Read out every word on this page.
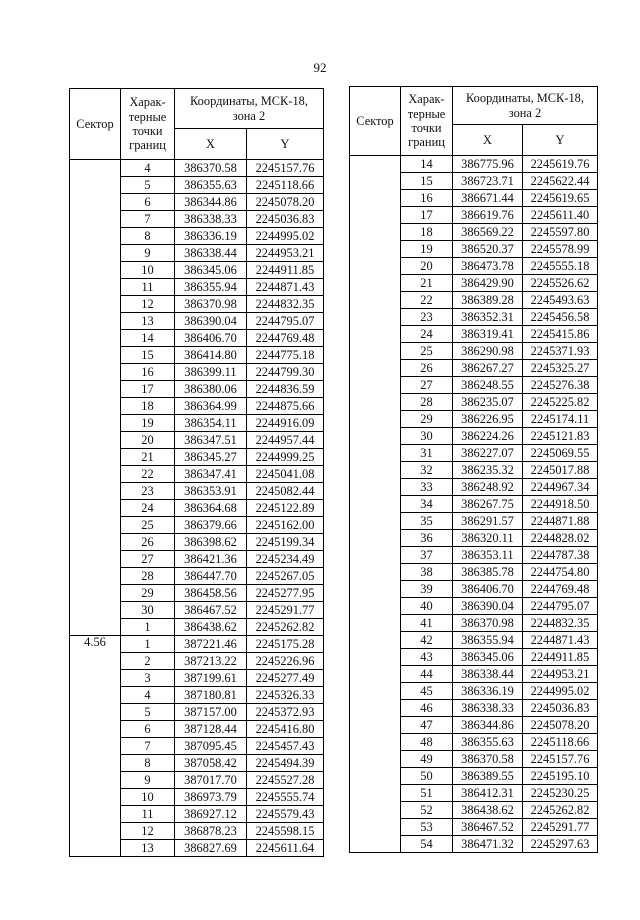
92
Сектор	Харак-терные точки границ	Координаты, МСК-18, зона 2	
		X	Y
	4	386370.58	2245157.76
	5	386355.63	2245118.66
	6	386344.86	2245078.20
	7	386338.33	2245036.83
	8	386336.19	2244995.02
	9	386338.44	2244953.21
	10	386345.06	2244911.85
	11	386355.94	2244871.43
	12	386370.98	2244832.35
	13	386390.04	2244795.07
	14	386406.70	2244769.48
	15	386414.80	2244775.18
	16	386399.11	2244799.30
	17	386380.06	2244836.59
	18	386364.99	2244875.66
	19	386354.11	2244916.09
	20	386347.51	2244957.44
	21	386345.27	2244999.25
	22	386347.41	2245041.08
	23	386353.91	2245082.44
	24	386364.68	2245122.89
	25	386379.66	2245162.00
	26	386398.62	2245199.34
	27	386421.36	2245234.49
	28	386447.70	2245267.05
	29	386458.56	2245277.95
	30	386467.52	2245291.77
	1	386438.62	2245262.82
4.56	1	387221.46	2245175.28
	2	387213.22	2245226.96
	3	387199.61	2245277.49
	4	387180.81	2245326.33
	5	387157.00	2245372.93
	6	387128.44	2245416.80
	7	387095.45	2245457.43
	8	387058.42	2245494.39
	9	387017.70	2245527.28
	10	386973.79	2245555.74
	11	386927.12	2245579.43
	12	386878.23	2245598.15
	13	386827.69	2245611.64
Сектор	Харак-терные точки границ	Координаты, МСК-18, зона 2	
		X	Y
	14	386775.96	2245619.76
	15	386723.71	2245622.44
	16	386671.44	2245619.65
	17	386619.76	2245611.40
	18	386569.22	2245597.80
	19	386520.37	2245578.99
	20	386473.78	2245555.18
	21	386429.90	2245526.62
	22	386389.28	2245493.63
	23	386352.31	2245456.58
	24	386319.41	2245415.86
	25	386290.98	2245371.93
	26	386267.27	2245325.27
	27	386248.55	2245276.38
	28	386235.07	2245225.82
	29	386226.95	2245174.11
	30	386224.26	2245121.83
	31	386227.07	2245069.55
	32	386235.32	2245017.88
	33	386248.92	2244967.34
	34	386267.75	2244918.50
	35	386291.57	2244871.88
	36	386320.11	2244828.02
	37	386353.11	2244787.38
	38	386385.78	2244754.80
	39	386406.70	2244769.48
	40	386390.04	2244795.07
	41	386370.98	2244832.35
	42	386355.94	2244871.43
	43	386345.06	2244911.85
	44	386338.44	2244953.21
	45	386336.19	2244995.02
	46	386338.33	2245036.83
	47	386344.86	2245078.20
	48	386355.63	2245118.66
	49	386370.58	2245157.76
	50	386389.55	2245195.10
	51	386412.31	2245230.25
	52	386438.62	2245262.82
	53	386467.52	2245291.77
	54	386471.32	2245297.63
